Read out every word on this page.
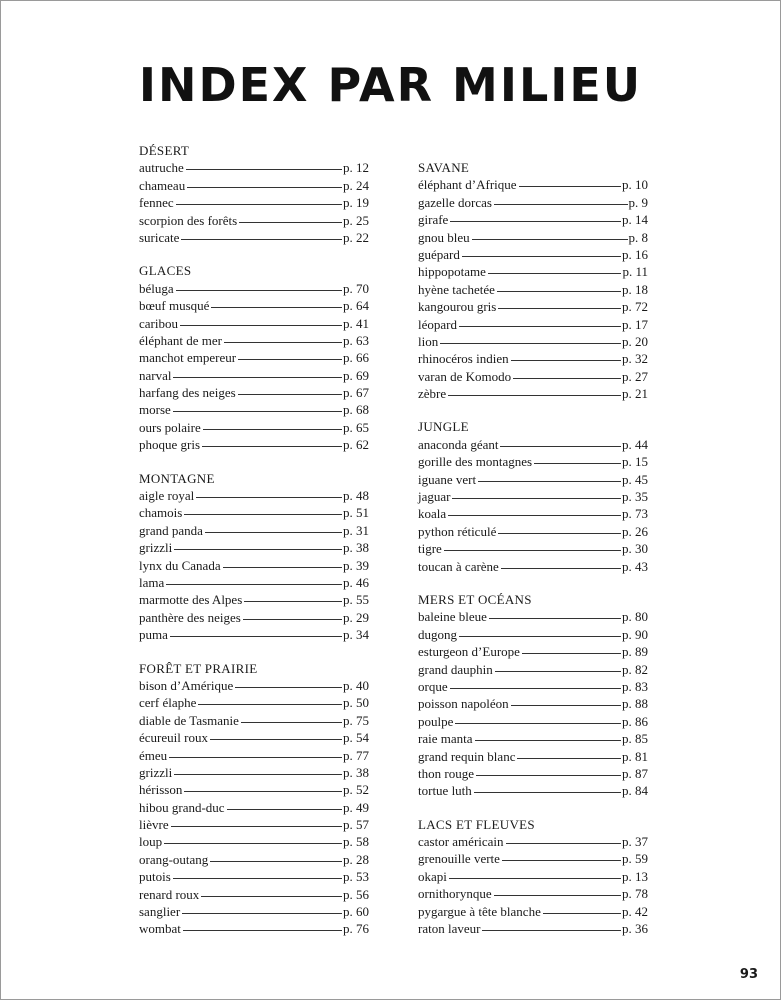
INDEX PAR MILIEU
DÉSERT
autruche	p. 12
chameau	p. 24
fennec	p. 19
scorpion des forêts	p. 25
suricate	p. 22
GLACES
béluga	p. 70
bœuf musqué	p. 64
caribou	p. 41
éléphant de mer	p. 63
manchot empereur	p. 66
narval	p. 69
harfang des neiges	p. 67
morse	p. 68
ours polaire	p. 65
phoque gris	p. 62
MONTAGNE
aigle royal	p. 48
chamois	p. 51
grand panda	p. 31
grizzli	p. 38
lynx du Canada	p. 39
lama	p. 46
marmotte des Alpes	p. 55
panthère des neiges	p. 29
puma	p. 34
FORÊT ET PRAIRIE
bison d’Amérique	p. 40
cerf élaphe	p. 50
diable de Tasmanie	p. 75
écureuil roux	p. 54
émeu	p. 77
grizzli	p. 38
hérisson	p. 52
hibou grand-duc	p. 49
lièvre	p. 57
loup	p. 58
orang-outang	p. 28
putois	p. 53
renard roux	p. 56
sanglier	p. 60
wombat	p. 76
SAVANE
éléphant d’Afrique	p. 10
gazelle dorcas	p. 9
girafe	p. 14
gnou bleu	p. 8
guépard	p. 16
hippopotame	p. 11
hyène tachetée	p. 18
kangourou gris	p. 72
léopard	p. 17
lion	p. 20
rhinocéros indien	p. 32
varan de Komodo	p. 27
zèbre	p. 21
JUNGLE
anaconda géant	p. 44
gorille des montagnes	p. 15
iguane vert	p. 45
jaguar	p. 35
koala	p. 73
python réticulé	p. 26
tigre	p. 30
toucan à carène	p. 43
MERS ET OCÉANS
baleine bleue	p. 80
dugong	p. 90
esturgeon d’Europe	p. 89
grand dauphin	p. 82
orque	p. 83
poisson napoléon	p. 88
poulpe	p. 86
raie manta	p. 85
grand requin blanc	p. 81
thon rouge	p. 87
tortue luth	p. 84
LACS ET FLEUVES
castor américain	p. 37
grenouille verte	p. 59
okapi	p. 13
ornithorynque	p. 78
pygargue à tête blanche	p. 42
raton laveur	p. 36
93
